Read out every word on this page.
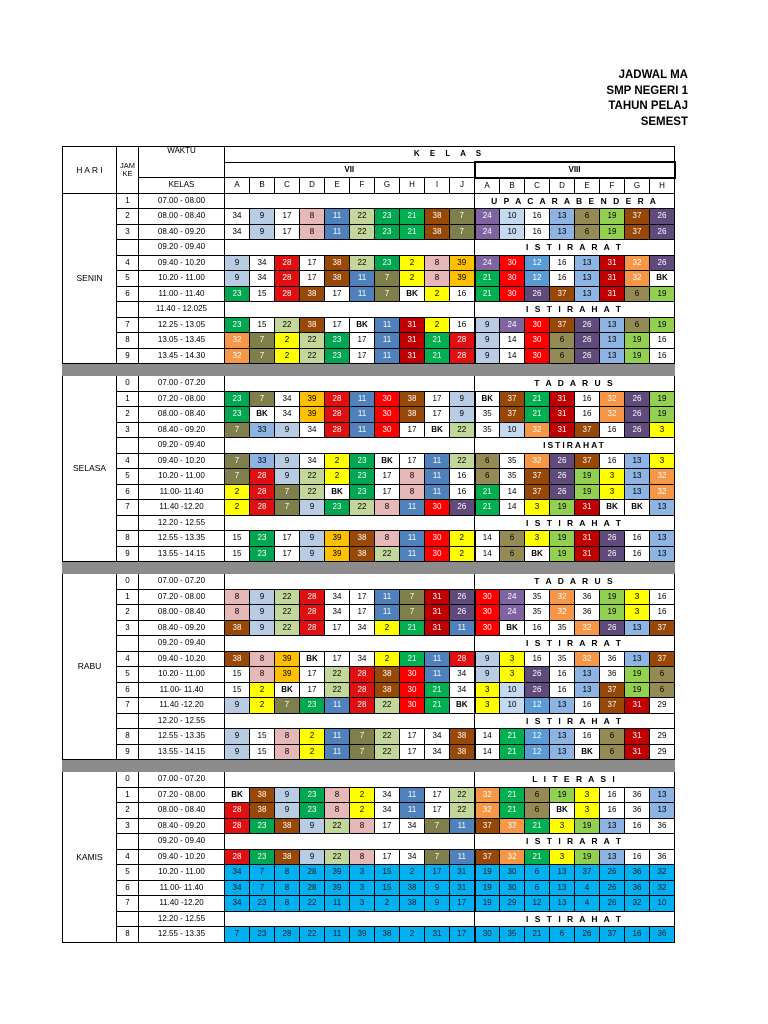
JADWAL MA
SMP NEGERI 1
TAHUN PELAJ
SEMEST
H A R I	JAM KE	WAKTU	K E L A S																	
			VII										VIII							
		KELAS	A	B	C	D	E	F	G	H	I	J	A	B	C	D	E	F	G	H
SENIN	1	07.00 - 08.00											U P A C A R A B E N D E R A							
	2	08.00 - 08.40	34	9	17	8	11	22	23	21	38	7	24	10	16	13	6	19	37	26
	3	08.40 - 09.20	34	9	17	8	11	22	23	21	38	7	24	10	16	13	6	19	37	26
		09.20 - 09.40											I S T I R A R A T							
	4	09.40 - 10.20	9	34	28	17	38	22	23	2	8	39	24	30	12	16	13	31	32	26
	5	10.20 - 11.00	9	34	28	17	38	11	7	2	8	39	21	30	12	16	13	31	32	BK
	6	11.00 - 11.40	23	15	28	38	17	11	7	BK	2	16	21	30	26	37	13	31	6	19
		11.40 - 12.025											I S T I R A H A T							
	7	12.25 - 13.05	23	15	22	38	17	BK	11	31	2	16	9	24	30	37	26	13	6	19
	8	13.05 - 13.45	32	7	2	22	23	17	11	31	21	28	9	14	30	6	26	13	19	16
	9	13.45 - 14.30	32	7	2	22	23	17	11	31	21	28	9	14	30	6	26	13	19	16

SELASA	0	07.00 - 07.20											T A D A R U S							
	1	07.20 - 08.00	23	7	34	39	28	11	30	38	17	9	BK	37	21	31	16	32	26	19
	2	08.00 - 08.40	23	BK	34	39	28	11	30	38	17	9	35	37	21	31	16	32	26	19
	3	08.40 - 09.20	7	33	9	34	28	11	30	17	BK	22	35	10	32	31	37	16	26	3
		09.20 - 09.40											ISTIRAHAT							
	4	09.40 - 10.20	7	33	9	34	2	23	BK	17	11	22	6	35	32	26	37	16	13	3
	5	10.20 - 11.00	7	28	9	22	2	23	17	8	11	16	6	35	37	26	19	3	13	32
	6	11.00- 11.40	2	28	7	22	BK	23	17	8	11	16	21	14	37	26	19	3	13	32
	7	11.40 -12.20	2	28	7	9	23	22	8	11	30	26	21	14	3	19	31	BK	BK	13
		12.20 - 12.55											I S T I R A H A T							
	8	12.55 - 13.35	15	23	17	9	39	38	8	11	30	2	14	6	3	19	31	26	16	13
	9	13.55 - 14.15	15	23	17	9	39	38	22	11	30	2	14	6	BK	19	31	26	16	13

RABU	0	07.00 - 07.20											T A D A R U S							
	1	07.20 - 08.00	8	9	22	28	34	17	11	7	31	26	30	24	35	32	36	19	3	16
	2	08.00 - 08.40	8	9	22	28	34	17	11	7	31	26	30	24	35	32	36	19	3	16
	3	08.40 - 09.20	38	9	22	28	17	34	2	21	31	11	30	BK	16	35	32	26	13	37
		09.20 - 09.40											I S T I R A R A T							
	4	09.40 - 10.20	38	8	39	BK	17	34	2	21	11	28	9	3	16	35	32	36	13	37
	5	10.20 - 11.00	15	8	39	17	22	28	38	30	11	34	9	3	26	16	13	36	19	6
	6	11.00- 11.40	15	2	BK	17	22	28	38	30	21	34	3	10	26	16	13	37	19	6
	7	11.40 -12.20	9	2	7	23	11	28	22	30	21	BK	3	10	12	13	16	37	31	29
		12.20 - 12.55											I S T I R A H A T							
	8	12.55 - 13.35	9	15	8	2	11	7	22	17	34	38	14	21	12	13	16	6	31	29
	9	13.55 - 14.15	9	15	8	2	11	7	22	17	34	38	14	21	12	13	BK	6	31	29

KAMIS	0	07.00 - 07.20											L I T E R A S I							
	1	07.20 - 08.00	BK	38	9	23	8	2	34	11	17	22	32	21	6	19	3	16	36	13
	2	08.00 - 08.40	28	38	9	23	8	2	34	11	17	22	32	21	6	BK	3	16	36	13
	3	08.40 - 09.20	28	23	38	9	22	8	17	34	7	11	37	32	21	3	19	13	16	36
		09.20 - 09.40											I S T I R A R A T							
	4	09.40 - 10.20	28	23	38	9	22	8	17	34	7	11	37	32	21	3	19	13	16	36
	5	10.20 - 11.00	34	7	8	28	39	3	15	2	17	31	19	30	6	13	37	26	36	32
	6	11.00- 11.40	34	7	8	28	39	3	15	38	9	31	19	30	6	13	4	26	36	32
	7	11.40 -12.20	34	23	8	22	11	3	2	38	9	17	19	29	12	13	4	26	32	10
		12.20 - 12.55											I S T I R A H A T							
	8	12.55 - 13.35	7	23	28	22	11	39	38	2	31	17	30	35	21	6	26	37	16	36
